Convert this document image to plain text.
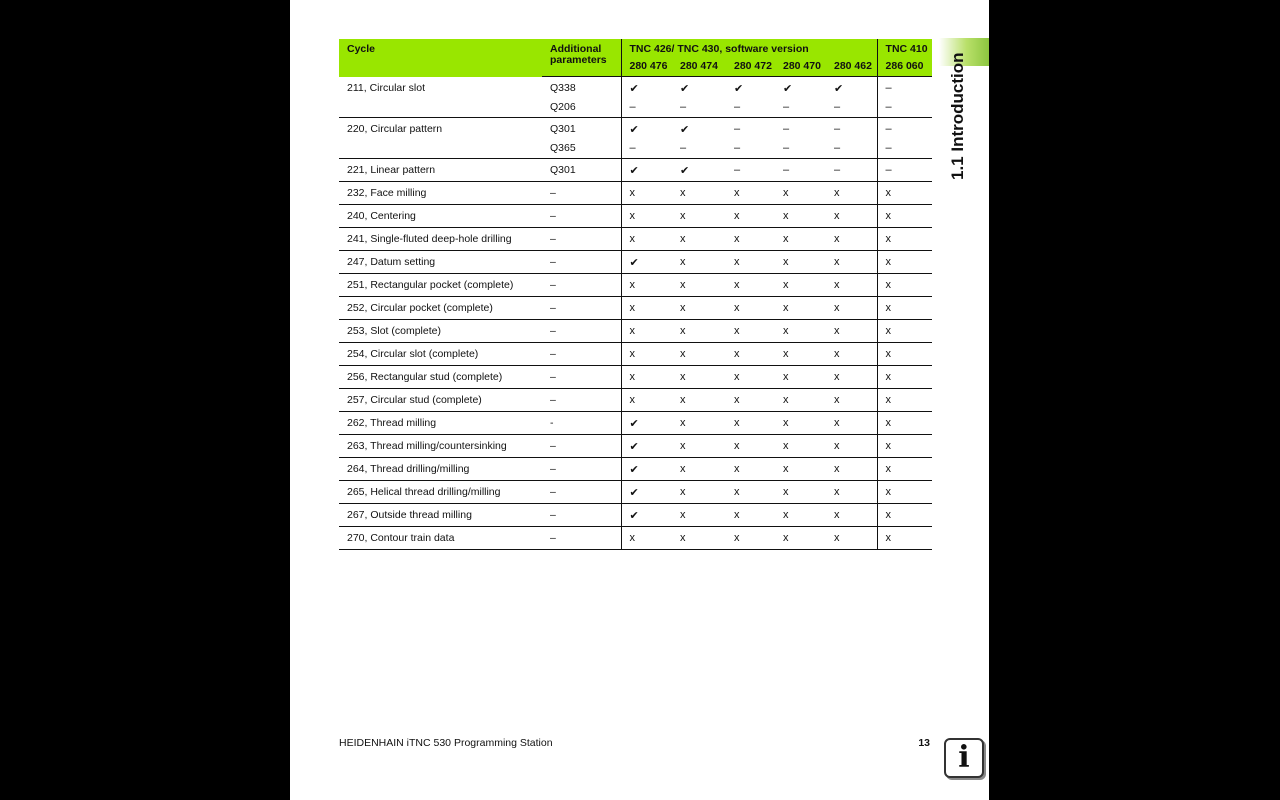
1.1 Introduction
Cycle	Additional parameters	TNC 426/ TNC 430, software version					TNC 410
		280 476	280 474	280 472	280 470	280 462	286 060
211, Circular slot	Q338	✔	✔	✔	✔	✔	–
	Q206	–	–	–	–	–	–
220, Circular pattern	Q301	✔	✔	–	–	–	–
	Q365	–	–	–	–	–	–
221, Linear pattern	Q301	✔	✔	–	–	–	–
232, Face milling	–	x	x	x	x	x	x
240, Centering	–	x	x	x	x	x	x
241, Single-fluted deep-hole drilling	–	x	x	x	x	x	x
247, Datum setting	–	✔	x	x	x	x	x
251, Rectangular pocket (complete)	–	x	x	x	x	x	x
252, Circular pocket (complete)	–	x	x	x	x	x	x
253, Slot (complete)	–	x	x	x	x	x	x
254, Circular slot (complete)	–	x	x	x	x	x	x
256, Rectangular stud (complete)	–	x	x	x	x	x	x
257, Circular stud (complete)	–	x	x	x	x	x	x
262, Thread milling	-	✔	x	x	x	x	x
263, Thread milling/countersinking	–	✔	x	x	x	x	x
264, Thread drilling/milling	–	✔	x	x	x	x	x
265, Helical thread drilling/milling	–	✔	x	x	x	x	x
267, Outside thread milling	–	✔	x	x	x	x	x
270, Contour train data	–	x	x	x	x	x	x
HEIDENHAIN iTNC 530 Programming Station	13 i
